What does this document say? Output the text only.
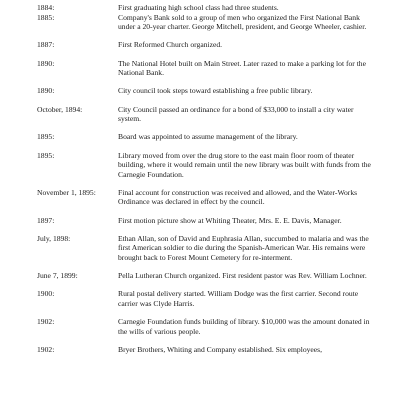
1884:	First graduating high school class had three students.
1885:	Company's Bank sold to a group of men who organized the First National Bank under a 20-year charter. George Mitchell, president, and George Wheeler, cashier.
1887:	First Reformed Church organized.
1890:	The National Hotel built on Main Street. Later razed to make a parking lot for the National Bank.
1890:	City council took steps toward establishing a free public library.
October, 1894:	City Council passed an ordinance for a bond of $33,000 to install a city water system.
1895:	Board was appointed to assume management of the library.
1895:	Library moved from over the drug store to the east main floor room of theater building, where it would remain until the new library was built with funds from the Carnegie Foundation.
November 1, 1895:	Final account for construction was received and allowed, and the Water-Works Ordinance was declared in effect by the council.
1897:	First motion picture show at Whiting Theater, Mrs. E. E. Davis, Manager.
July, 1898:	Ethan Allan, son of David and Euphrasia Allan, succumbed to malaria and was the first American soldier to die during the Spanish-American War. His remains were brought back to Forest Mount Cemetery for re-interment.
June 7, 1899:	Pella Lutheran Church organized. First resident pastor was Rev. William Lochner.
1900:	Rural postal delivery started. William Dodge was the first carrier. Second route carrier was Clyde Harris.
1902:	Carnegie Foundation funds building of library. $10,000 was the amount donated in the wills of various people.
1902:	Bryer Brothers, Whiting and Company established. Six employees,
